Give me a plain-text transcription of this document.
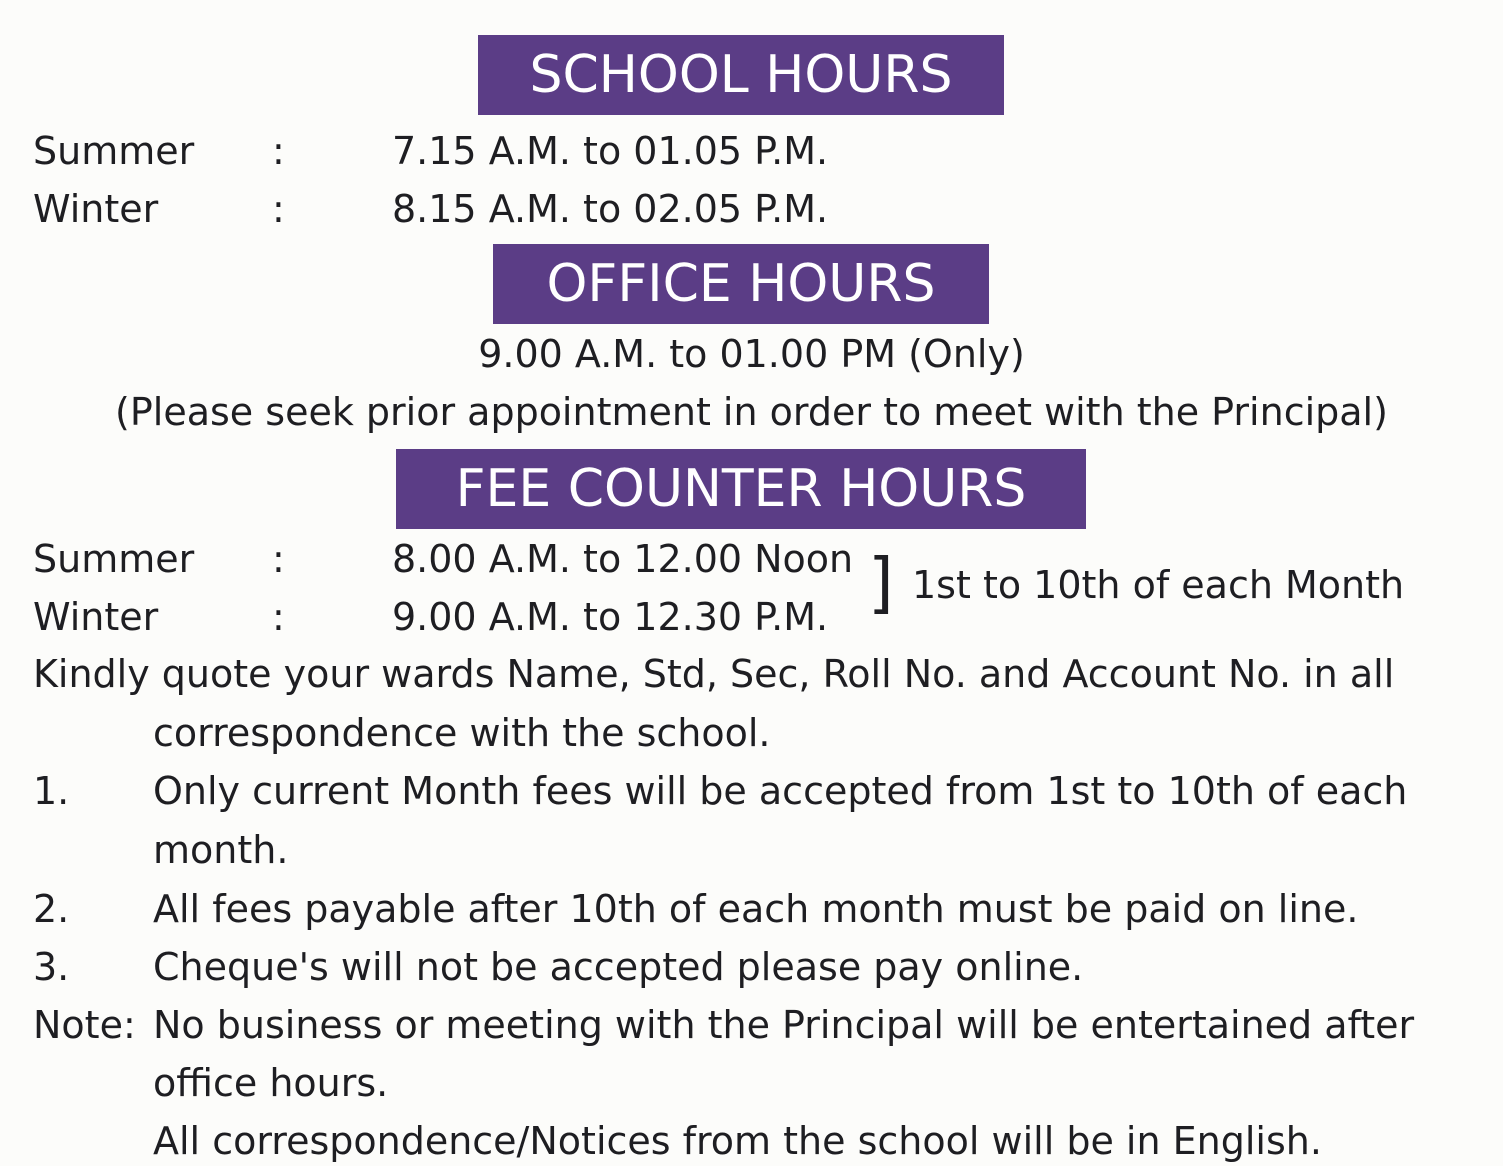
SCHOOL HOURS
Summer :	7.15 A.M. to 01.05 P.M.
Winter	:	8.15 A.M. to 02.05 P.M.
OFFICE HOURS
9.00 A.M. to 01.00 PM (Only)
(Please seek prior appointment in order to meet with the Principal)
FEE COUNTER HOURS
Summer :	8.00 A.M. to 12.00 Noon
Winter	:	9.00 A.M. to 12.30 P.M. ] 1st to 10th of each Month
Kindly quote your wards Name, Std, Sec, Roll No. and Account No. in all
correspondence with the school.
1. Only current Month fees will be accepted from 1st to 10th of each
month.
2. All fees payable after 10th of each month must be paid on line.
3. Cheque's will not be accepted please pay online.
Note: No business or meeting with the Principal will be entertained after
office hours.
All correspondence/Notices from the school will be in English.
